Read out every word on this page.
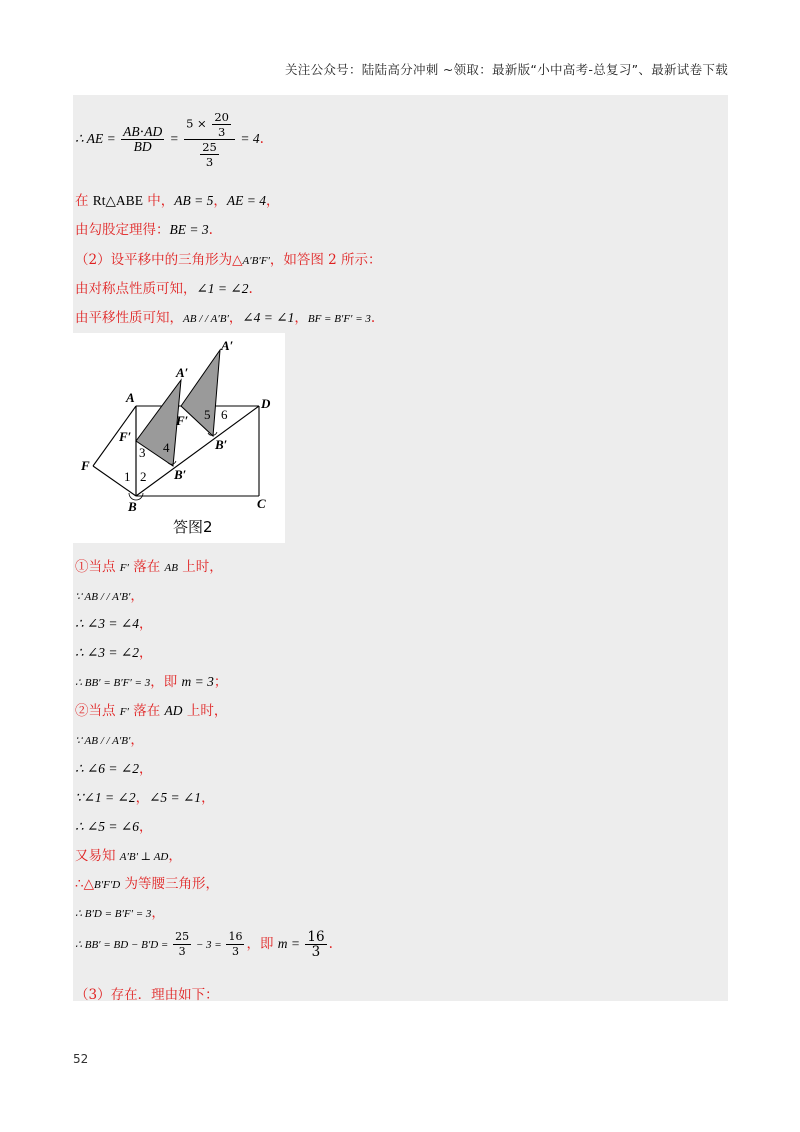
关注公众号：陆陆高分冲刺 ~领取：最新版“小中高考-总复习”、最新试卷下载
∴ AE = $\frac{AB\cdot AD}{BD} = \frac{5 \times \frac{20}{3}}{\frac{25}{3}} = 4$.
在 Rt△ABE 中，AB = 5，AE = 4，
由勾股定理得：BE = 3.
（2）设平移中的三角形为△A′B′F′，如答图 2 所示：
由对称点性质可知，∠1 = ∠2.
由平移性质可知，AB / / A′B′，∠4 = ∠1，BF = B′F′ = 3.
A
A′
A′
D
F′
F′
F
B
B′
B′
C
1 2
3 4
5 6
答图2
①当点 F′ 落在 AB 上时，
∵ AB / / A′B′，
∴ ∠3 = ∠4，
∴ ∠3 = ∠2，
∴ BB′ = B′F′ = 3，即 m = 3；
②当点 F′ 落在 AD 上时，
∵ AB / / A′B′，
∴ ∠6 = ∠2，
∵∠1 = ∠2，∠5 = ∠1，
∴ ∠5 = ∠6，
又易知 A′B′ ⊥ AD，
∴△B′F′D 为等腰三角形，
∴ B′D = B′F′ = 3，
∴ BB′ = BD − $B'D = \frac{25}{3} - 3 = \frac{16}{3}$ ，即 $m = \frac{16}{3}$ .
（3）存在．理由如下：
52
